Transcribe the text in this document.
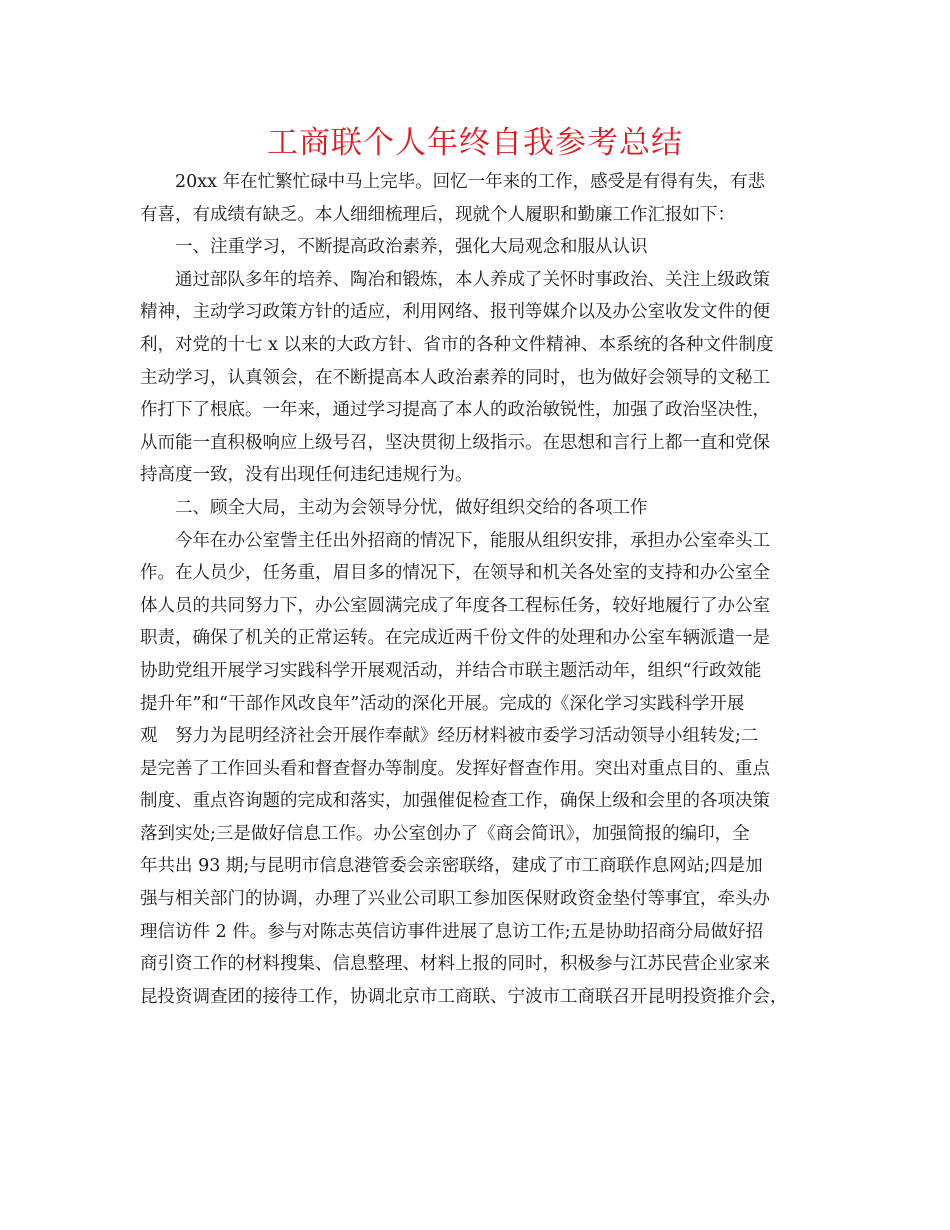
工商联个人年终自我参考总结

　　20xx 年在忙繁忙碌中马上完毕。回忆一年来的工作，感受是有得有失，有悲

有喜，有成绩有缺乏。本人细细梳理后，现就个人履职和勤廉工作汇报如下：

　　一、注重学习，不断提高政治素养，强化大局观念和服从认识

　　通过部队多年的培养、陶冶和锻炼，本人养成了关怀时事政治、关注上级政策

精神，主动学习政策方针的适应，利用网络、报刊等媒介以及办公室收发文件的便

利，对党的十七 x 以来的大政方针、省市的各种文件精神、本系统的各种文件制度

主动学习，认真领会，在不断提高本人政治素养的同时，也为做好会领导的文秘工

作打下了根底。一年来，通过学习提高了本人的政治敏锐性，加强了政治坚决性，

从而能一直积极响应上级号召，坚决贯彻上级指示。在思想和言行上都一直和党保

持高度一致，没有出现任何违纪违规行为。

　　二、顾全大局，主动为会领导分忧，做好组织交给的各项工作

　　今年在办公室訾主任出外招商的情况下，能服从组织安排，承担办公室牵头工

作。在人员少，任务重，眉目多的情况下，在领导和机关各处室的支持和办公室全

体人员的共同努力下，办公室圆满完成了年度各工程标任务，较好地履行了办公室

职责，确保了机关的正常运转。在完成近两千份文件的处理和办公室车辆派遣一是

协助党组开展学习实践科学开展观活动，并结合市联主题活动年，组织“行政效能

提升年”和“干部作风改良年”活动的深化开展。完成的《深化学习实践科学开展

观　努力为昆明经济社会开展作奉献》经历材料被市委学习活动领导小组转发;二

是完善了工作回头看和督查督办等制度。发挥好督查作用。突出对重点目的、重点

制度、重点咨询题的完成和落实，加强催促检查工作，确保上级和会里的各项决策

落到实处;三是做好信息工作。办公室创办了《商会简讯》，加强简报的编印，全

年共出 93 期;与昆明市信息港管委会亲密联络，建成了市工商联作息网站;四是加

强与相关部门的协调，办理了兴业公司职工参加医保财政资金垫付等事宜，牵头办

理信访件 2 件。参与对陈志英信访事件进展了息访工作;五是协助招商分局做好招

商引资工作的材料搜集、信息整理、材料上报的同时，积极参与江苏民营企业家来

昆投资调查团的接待工作，协调北京市工商联、宁波市工商联召开昆明投资推介会，
